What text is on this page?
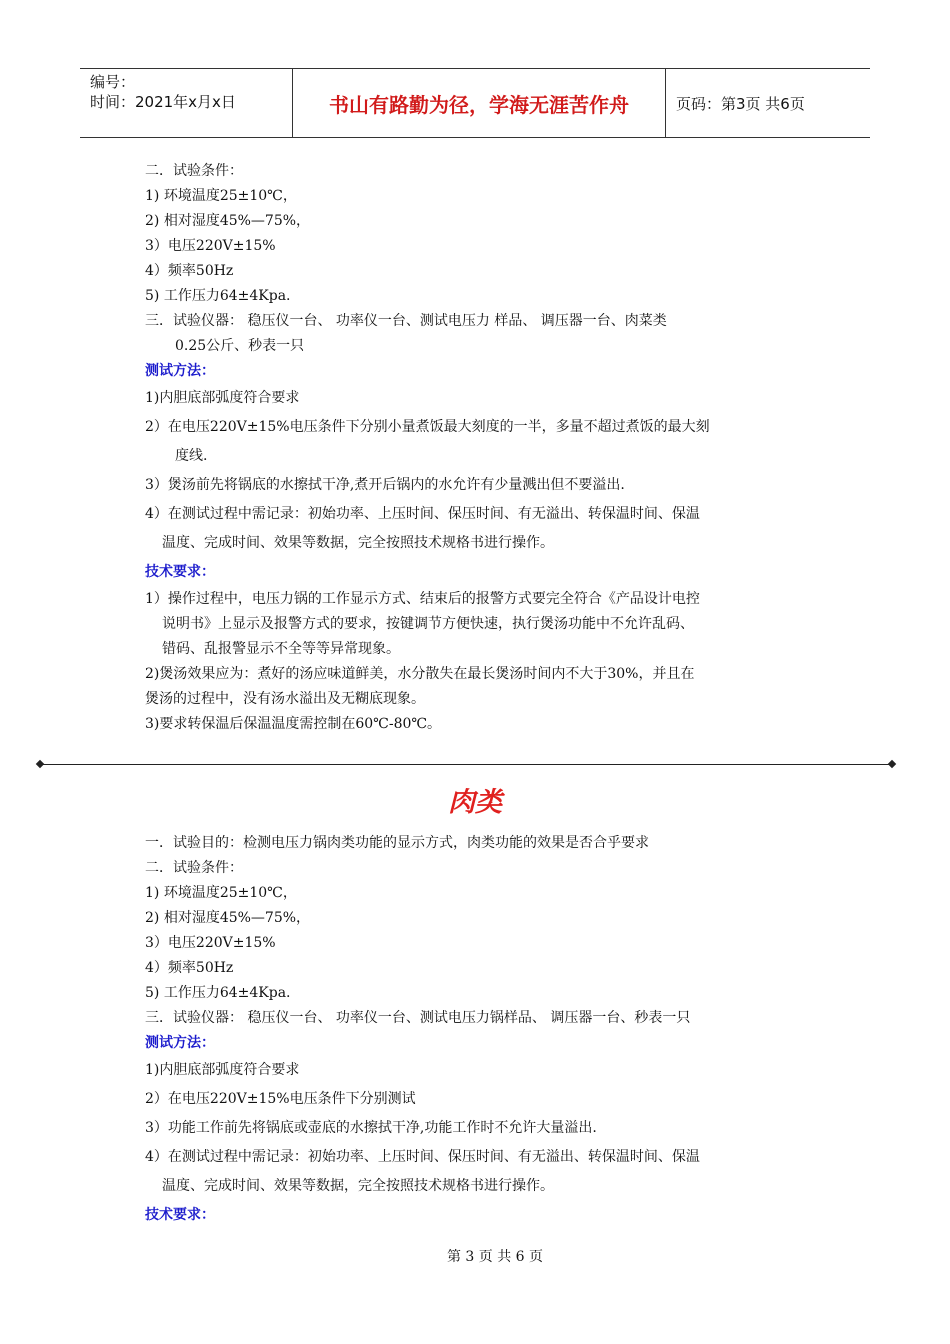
编号：
时间：2021年x月x日	书山有路勤为径，学海无涯苦作舟	页码：第3页 共6页
二．试验条件：
1) 环境温度25±10℃，
2) 相对湿度45%—75%，
3）电压220V±15%
4）频率50Hz
5) 工作压力64±4Kpa.
三．试验仪器： 稳压仪一台、 功率仪一台、测试电压力 样品、 调压器一台、肉菜类
0.25公斤、秒表一只
测试方法：
1)内胆底部弧度符合要求
2）在电压220V±15%电压条件下分别小量煮饭最大刻度的一半，多量不超过煮饭的最大刻
度线.
3）煲汤前先将锅底的水擦拭干净,煮开后锅内的水允许有少量溅出但不要溢出.
4）在测试过程中需记录：初始功率、上压时间、保压时间、有无溢出、转保温时间、保温
温度、完成时间、效果等数据，完全按照技术规格书进行操作。
技术要求：
1）操作过程中，电压力锅的工作显示方式、结束后的报警方式要完全符合《产品设计电控
说明书》上显示及报警方式的要求，按键调节方便快速，执行煲汤功能中不允许乱码、
错码、乱报警显示不全等等异常现象。
2)煲汤效果应为：煮好的汤应味道鲜美，水分散失在最长煲汤时间内不大于30%，并且在
煲汤的过程中，没有汤水溢出及无糊底现象。
3)要求转保温后保温温度需控制在60℃-80℃。
肉类
一．试验目的：检测电压力锅肉类功能的显示方式，肉类功能的效果是否合乎要求
二．试验条件：
1) 环境温度25±10℃，
2) 相对湿度45%—75%，
3）电压220V±15%
4）频率50Hz
5) 工作压力64±4Kpa.
三．试验仪器： 稳压仪一台、 功率仪一台、测试电压力锅样品、 调压器一台、秒表一只
测试方法：
1)内胆底部弧度符合要求
2）在电压220V±15%电压条件下分别测试
3）功能工作前先将锅底或壶底的水擦拭干净,功能工作时不允许大量溢出.
4）在测试过程中需记录：初始功率、上压时间、保压时间、有无溢出、转保温时间、保温
温度、完成时间、效果等数据，完全按照技术规格书进行操作。
技术要求：
第 3 页 共 6 页
